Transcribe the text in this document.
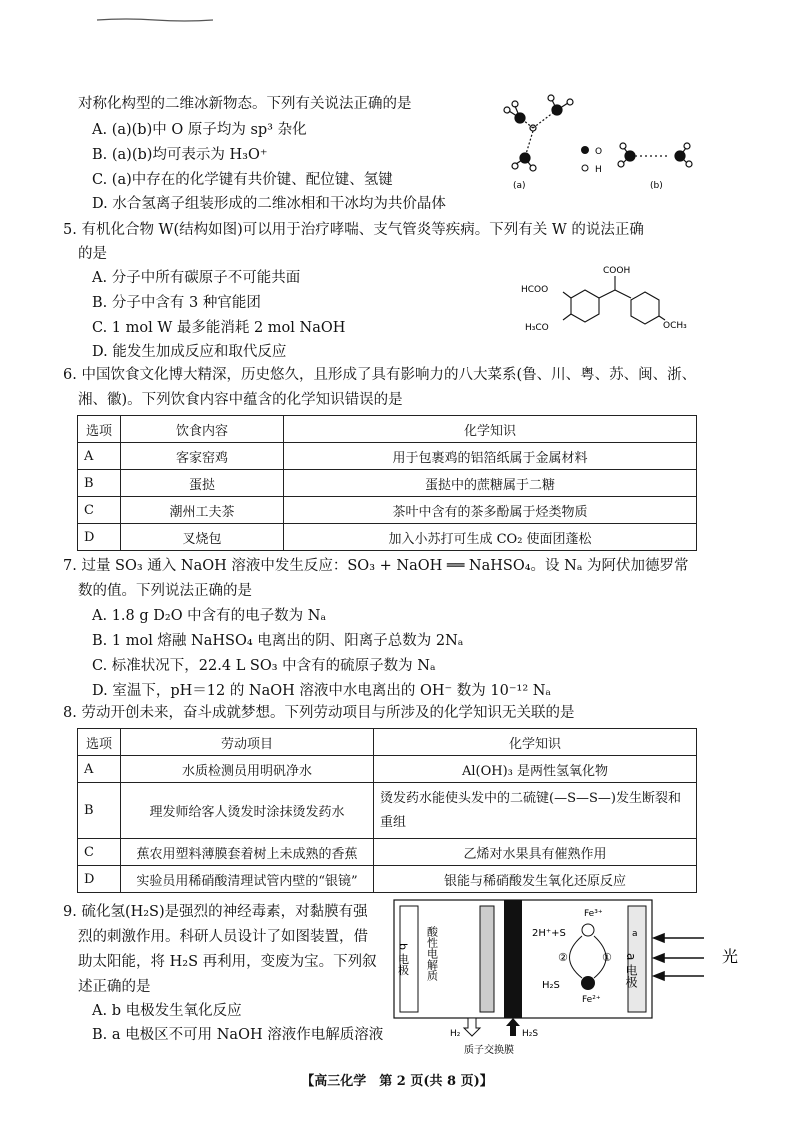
对称化构型的二维冰新物态。下列有关说法正确的是
A. (a)(b)中 O 原子均为 sp³ 杂化
B. (a)(b)均可表示为 H₃O⁺
C. (a)中存在的化学键有共价键、配位键、氢键
D. 水合氢离子组装形成的二维冰相和干冰均为共价晶体
(a)
O
H
(b)
5. 有机化合物 W(结构如图)可以用于治疗哮喘、支气管炎等疾病。下列有关 W 的说法正确
的是
A. 分子中所有碳原子不可能共面
B. 分子中含有 3 种官能团
C. 1 mol W 最多能消耗 2 mol NaOH
D. 能发生加成反应和取代反应
COOH
HCOO
H₃CO	OCH₃
6. 中国饮食文化博大精深，历史悠久，且形成了具有影响力的八大菜系(鲁、川、粤、苏、闽、浙、
湘、徽)。下列饮食内容中蕴含的化学知识错误的是
选项	饮食内容	化学知识
A	客家窑鸡	用于包裹鸡的铝箔纸属于金属材料
B	蛋挞	蛋挞中的蔗糖属于二糖
C	潮州工夫茶	茶叶中含有的茶多酚属于烃类物质
D	叉烧包	加入小苏打可生成 CO₂ 使面团蓬松
7. 过量 SO₃ 通入 NaOH 溶液中发生反应：SO₃ + NaOH ══ NaHSO₄。设 Nₐ 为阿伏加德罗常
数的值。下列说法正确的是
A. 1.8 g D₂O 中含有的电子数为 Nₐ
B. 1 mol 熔融 NaHSO₄ 电离出的阴、阳离子总数为 2Nₐ
C. 标准状况下，22.4 L SO₃ 中含有的硫原子数为 Nₐ
D. 室温下，pH＝12 的 NaOH 溶液中水电离出的 OH⁻ 数为 10⁻¹² Nₐ
8. 劳动开创未来，奋斗成就梦想。下列劳动项目与所涉及的化学知识无关联的是
选项	劳动项目	化学知识
A	水质检测员用明矾净水	Al(OH)₃ 是两性氢氧化物
B	理发师给客人烫发时涂抹烫发药水	烫发药水能使头发中的二硫键(—S—S—)发生断裂和重组
C	蕉农用塑料薄膜套着树上未成熟的香蕉	乙烯对水果具有催熟作用
D	实验员用稀硝酸清理试管内壁的“银镜”	银能与稀硝酸发生氧化还原反应
9. 硫化氢(H₂S)是强烈的神经毒素，对黏膜有强
烈的刺激作用。科研人员设计了如图装置，借
助太阳能，将 H₂S 再利用，变废为宝。下列叙
述正确的是
A. b 电极发生氧化反应
B. a 电极区不可用 NaOH 溶液作电解质溶液
b 电极 酸性电解质	2H⁺+S
Fe³⁺
Fe²⁺
②	①
H₂S
a
a 电极	光
H₂	H₂S
质子交换膜
【高三化学　第 2 页(共 8 页)】
